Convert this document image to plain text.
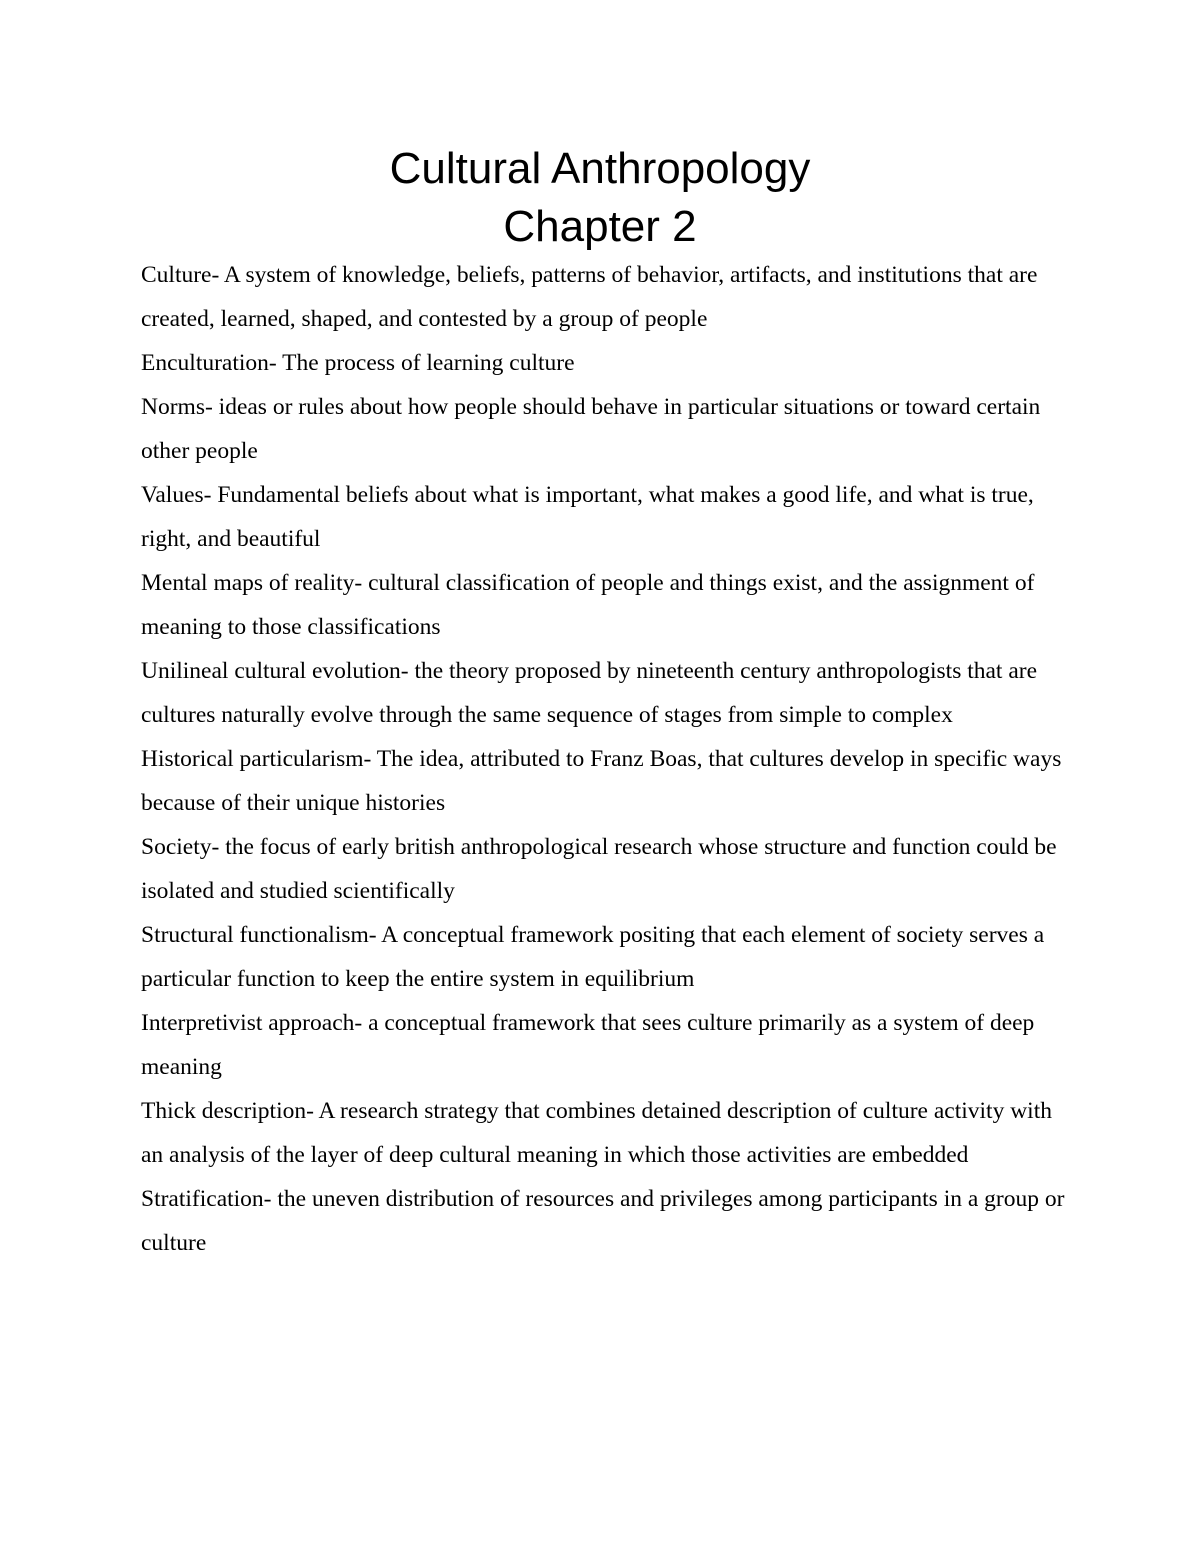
Cultural Anthropology
Chapter 2

Culture- A system of knowledge, beliefs, patterns of behavior, artifacts, and institutions that are created, learned, shaped, and contested by a group of people

Enculturation- The process of learning culture

Norms- ideas or rules about how people should behave in particular situations or toward certain other people

Values- Fundamental beliefs about what is important, what makes a good life, and what is true, right, and beautiful

Mental maps of reality- cultural classification of people and things exist, and the assignment of meaning to those classifications

Unilineal cultural evolution- the theory proposed by nineteenth century anthropologists that are cultures naturally evolve through the same sequence of stages from simple to complex

Historical particularism- The idea, attributed to Franz Boas, that cultures develop in specific ways because of their unique histories

Society- the focus of early british anthropological research whose structure and function could be isolated and studied scientifically

Structural functionalism- A conceptual framework positing that each element of society serves a particular function to keep the entire system in equilibrium

Interpretivist approach- a conceptual framework that sees culture primarily as a system of deep meaning

Thick description- A research strategy that combines detained description of culture activity with an analysis of the layer of deep cultural meaning in which those activities are embedded

Stratification- the uneven distribution of resources and privileges among participants in a group or culture
